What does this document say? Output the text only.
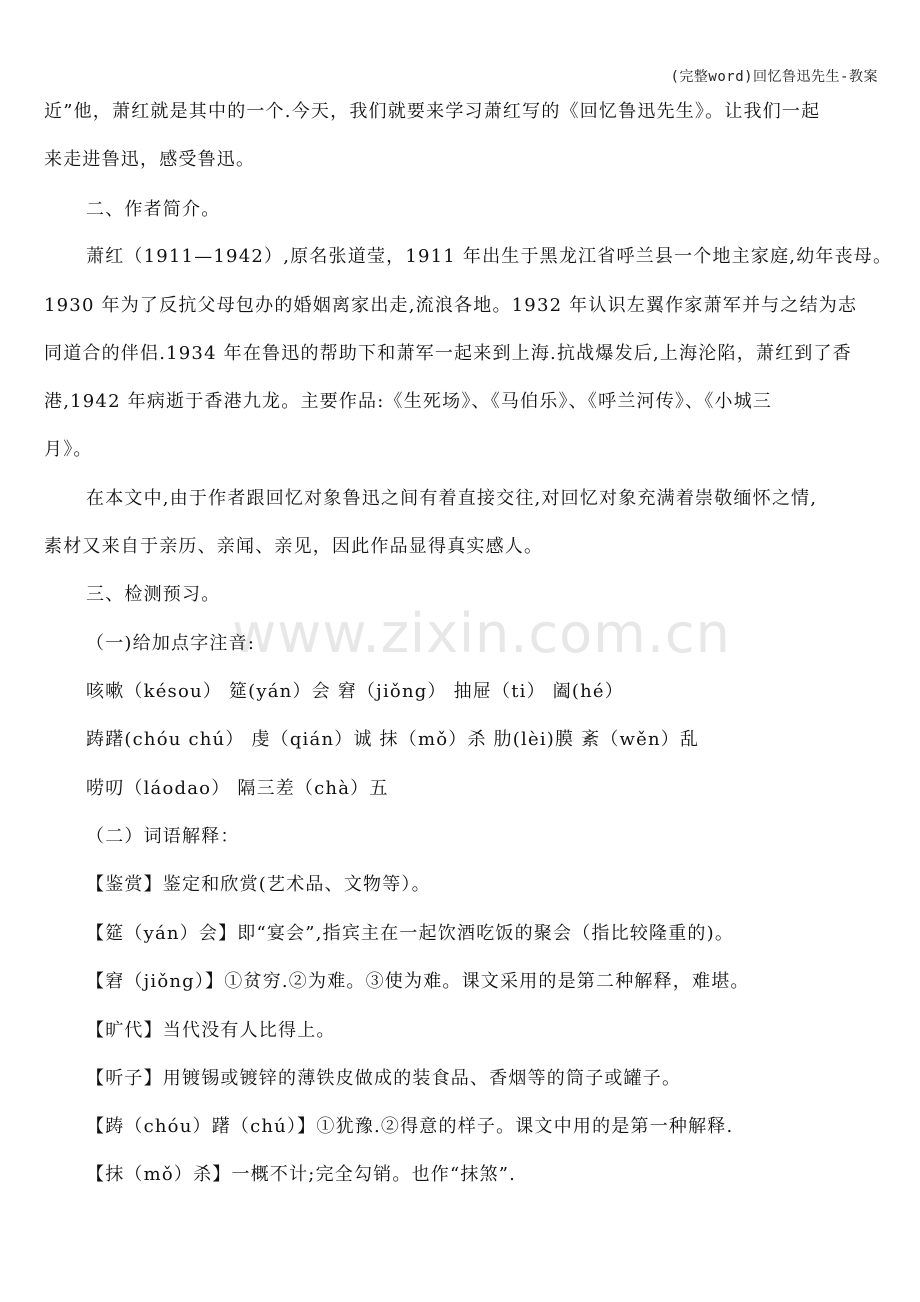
(完整word)回忆鲁迅先生-教案
www.zixin.com.cn
近”他，萧红就是其中的一个.今天，我们就要来学习萧红写的《回忆鲁迅先生》。让我们一起
来走进鲁迅，感受鲁迅。
二、作者简介。
萧红（1911—1942）,原名张道莹，1911 年出生于黑龙江省呼兰县一个地主家庭,幼年丧母。
1930 年为了反抗父母包办的婚姻离家出走,流浪各地。1932 年认识左翼作家萧军并与之结为志
同道合的伴侣.1934 年在鲁迅的帮助下和萧军一起来到上海.抗战爆发后,上海沦陷，萧红到了香
港,1942 年病逝于香港九龙。主要作品:《生死场》、《马伯乐》、《呼兰河传》、《小城三
月》。
在本文中,由于作者跟回忆对象鲁迅之间有着直接交往,对回忆对象充满着崇敬缅怀之情,
素材又来自于亲历、亲闻、亲见，因此作品显得真实感人。
三、检测预习。
（一)给加点字注音:
咳嗽（késou） 筵(yán）会 窘（jiǒng） 抽屉（ti） 阖(hé）
踌躇(chóu chú） 虔（qián）诚 抹（mǒ）杀 肋(lèi)膜 紊（wěn）乱
唠叨（láodao） 隔三差（chà）五
（二）词语解释：
【鉴赏】鉴定和欣赏(艺术品、文物等）。
【筵（yán）会】即“宴会”,指宾主在一起饮酒吃饭的聚会（指比较隆重的)。
【窘（jiǒng）】①贫穷.②为难。③使为难。课文采用的是第二种解释，难堪。
【旷代】当代没有人比得上。
【听子】用镀锡或镀锌的薄铁皮做成的装食品、香烟等的筒子或罐子。
【踌（chóu）躇（chú）】①犹豫.②得意的样子。课文中用的是第一种解释.
【抹（mǒ）杀】一概不计;完全勾销。也作“抹煞”.
